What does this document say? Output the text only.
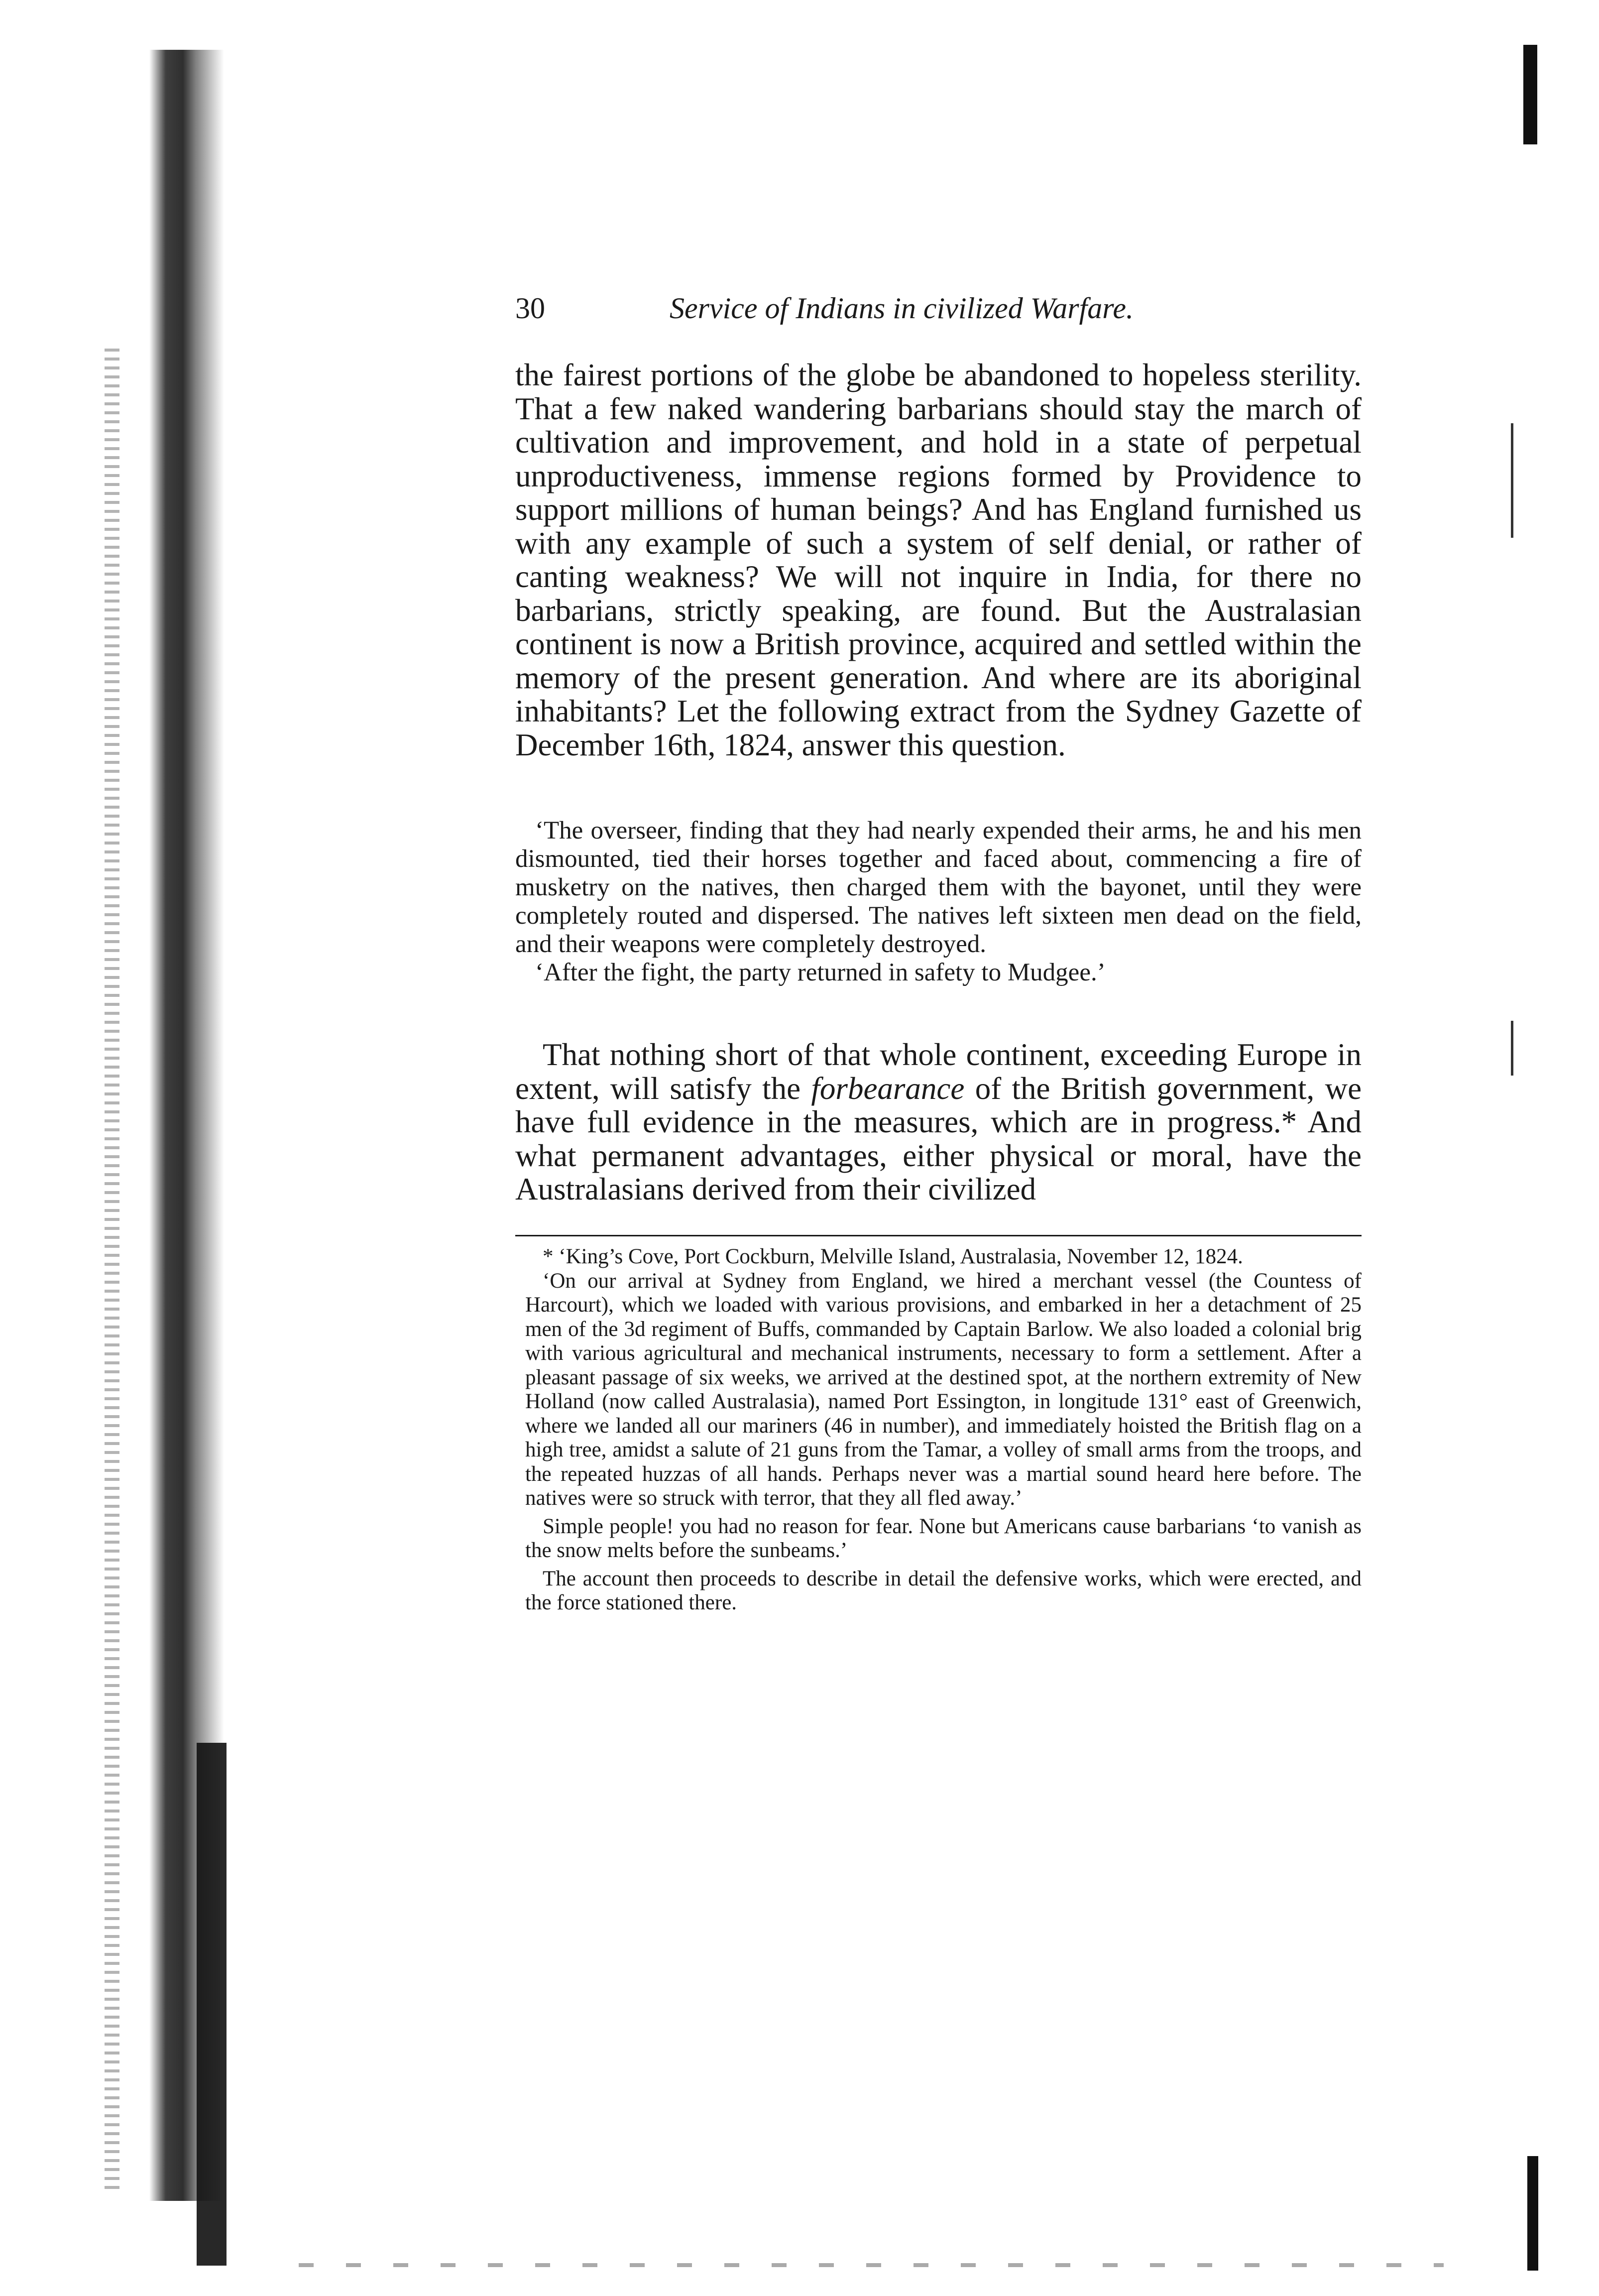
30	Service of Indians in civilized Warfare.

the fairest portions of the globe be abandoned to hopeless sterility. That a few naked wandering barbarians should stay the march of cultivation and improvement, and hold in a state of perpetual unproductiveness, immense regions formed by Providence to support millions of human beings? And has England furnished us with any example of such a system of self denial, or rather of canting weakness? We will not inquire in India, for there no barbarians, strictly speaking, are found. But the Australasian continent is now a British province, acquired and settled within the memory of the present generation. And where are its aboriginal inhabitants? Let the following extract from the Sydney Gazette of December 16th, 1824, answer this question.

‘The overseer, finding that they had nearly expended their arms, he and his men dismounted, tied their horses together and faced about, commencing a fire of musketry on the natives, then charged them with the bayonet, until they were completely routed and dispersed. The natives left sixteen men dead on the field, and their weapons were completely destroyed.

‘After the fight, the party returned in safety to Mudgee.’

That nothing short of that whole continent, exceeding Europe in extent, will satisfy the forbearance of the British government, we have full evidence in the measures, which are in progress.* And what permanent advantages, either physical or moral, have the Australasians derived from their civilized

* ‘King’s Cove, Port Cockburn, Melville Island, Australasia, November 12, 1824.

‘On our arrival at Sydney from England, we hired a merchant vessel (the Countess of Harcourt), which we loaded with various provisions, and embarked in her a detachment of 25 men of the 3d regiment of Buffs, commanded by Captain Barlow. We also loaded a colonial brig with various agricultural and mechanical instruments, necessary to form a settlement. After a pleasant passage of six weeks, we arrived at the destined spot, at the northern extremity of New Holland (now called Australasia), named Port Essington, in longitude 131° east of Greenwich, where we landed all our mariners (46 in number), and immediately hoisted the British flag on a high tree, amidst a salute of 21 guns from the Tamar, a volley of small arms from the troops, and the repeated huzzas of all hands. Perhaps never was a martial sound heard here before. The natives were so struck with terror, that they all fled away.’

Simple people! you had no reason for fear. None but Americans cause barbarians ‘to vanish as the snow melts before the sunbeams.’

The account then proceeds to describe in detail the defensive works, which were erected, and the force stationed there.
